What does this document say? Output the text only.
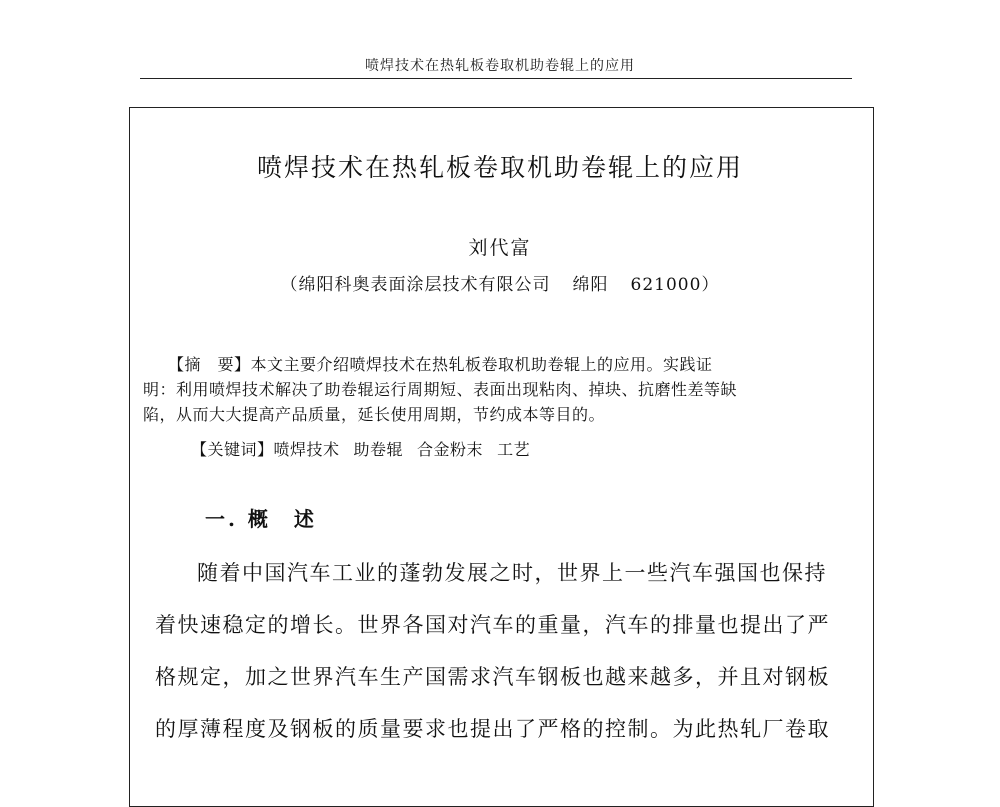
喷焊技术在热轧板卷取机助卷辊上的应用
喷焊技术在热轧板卷取机助卷辊上的应用
刘代富
（绵阳科奥表面涂层技术有限公司 绵阳 621000）
　　【摘　要】本文主要介绍喷焊技术在热轧板卷取机助卷辊上的应用。实践证
明：利用喷焊技术解决了助卷辊运行周期短、表面出现粘肉、掉块、抗磨性差等缺
陷，从而大大提高产品质量，延长使用周期，节约成本等目的。
【关键词】喷焊技术 助卷辊 合金粉末 工艺
一. 概　述
随着中国汽车工业的蓬勃发展之时，世界上一些汽车强国也保持
着快速稳定的增长。世界各国对汽车的重量，汽车的排量也提出了严
格规定，加之世界汽车生产国需求汽车钢板也越来越多，并且对钢板
的厚薄程度及钢板的质量要求也提出了严格的控制。为此热轧厂卷取
